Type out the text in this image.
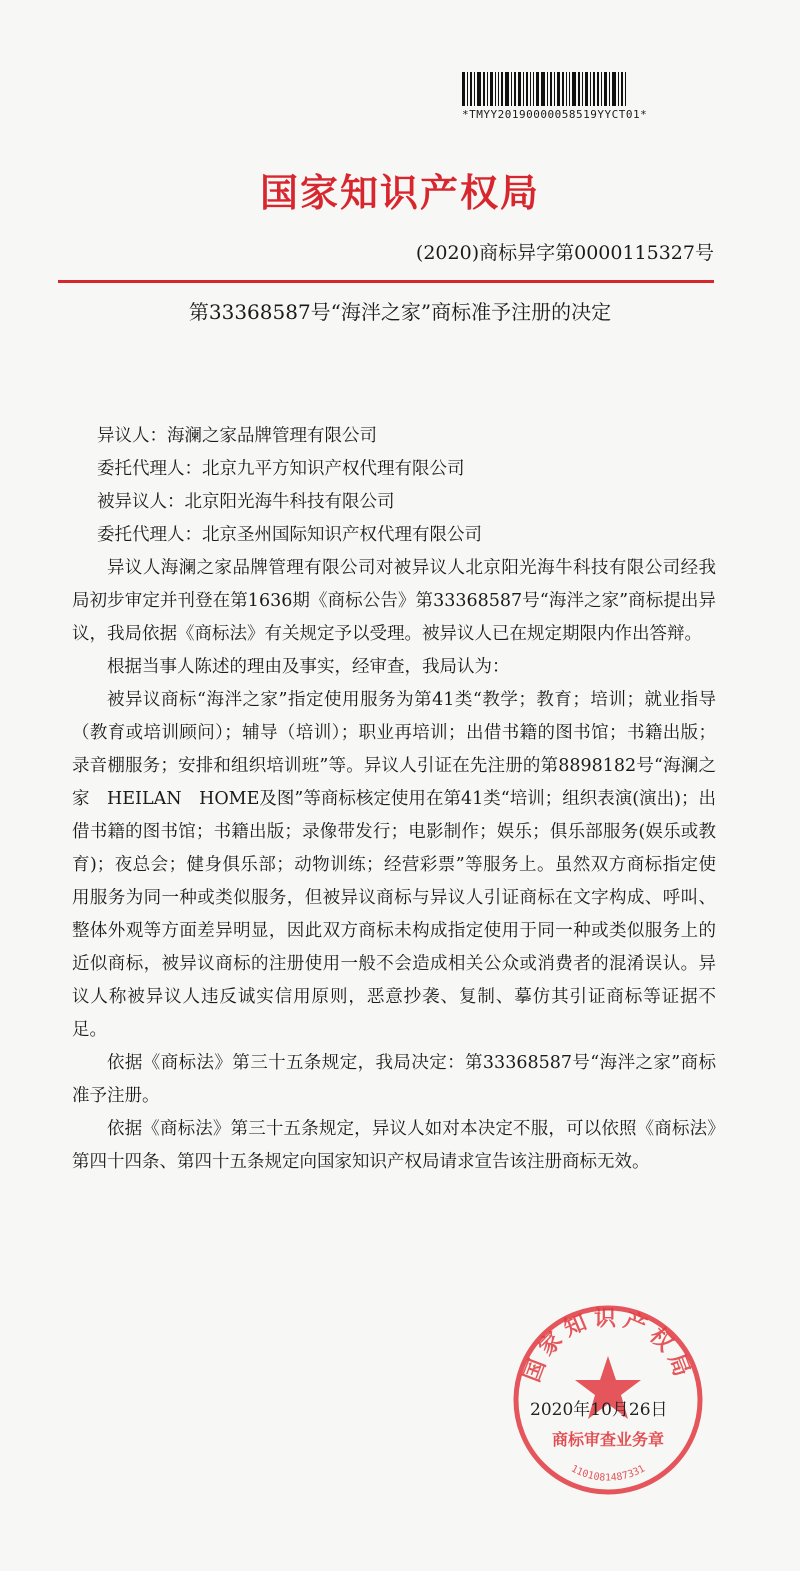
*TMYY20190000058519YYCT01*
国家知识产权局
(2020)商标异字第0000115327号
第33368587号“海泮之家”商标准予注册的决定
异议人：海澜之家品牌管理有限公司
委托代理人：北京九平方知识产权代理有限公司
被异议人：北京阳光海牛科技有限公司
委托代理人：北京圣州国际知识产权代理有限公司

异议人海澜之家品牌管理有限公司对被异议人北京阳光海牛科技有限公司经我局初步审定并刊登在第1636期《商标公告》第33368587号“海泮之家”商标提出异议，我局依据《商标法》有关规定予以受理。被异议人已在规定期限内作出答辩。

根据当事人陈述的理由及事实，经审查，我局认为：

被异议商标“海泮之家”指定使用服务为第41类“教学；教育；培训；就业指导（教育或培训顾问）；辅导（培训）；职业再培训；出借书籍的图书馆；书籍出版；录音棚服务；安排和组织培训班”等。异议人引证在先注册的第8898182号“海澜之家　HEILAN　HOME及图”等商标核定使用在第41类“培训；组织表演(演出)；出借书籍的图书馆；书籍出版；录像带发行；电影制作；娱乐；俱乐部服务(娱乐或教育)；夜总会；健身俱乐部；动物训练；经营彩票”等服务上。虽然双方商标指定使用服务为同一种或类似服务，但被异议商标与异议人引证商标在文字构成、呼叫、整体外观等方面差异明显，因此双方商标未构成指定使用于同一种或类似服务上的近似商标，被异议商标的注册使用一般不会造成相关公众或消费者的混淆误认。异议人称被异议人违反诚实信用原则，恶意抄袭、复制、摹仿其引证商标等证据不足。

依据《商标法》第三十五条规定，我局决定：第33368587号“海泮之家”商标准予注册。

依据《商标法》第三十五条规定，异议人如对本决定不服，可以依照《商标法》第四十四条、第四十五条规定向国家知识产权局请求宣告该注册商标无效。

国家知识产权局
商标审查业务章
1101081487331
2020年10月26日
